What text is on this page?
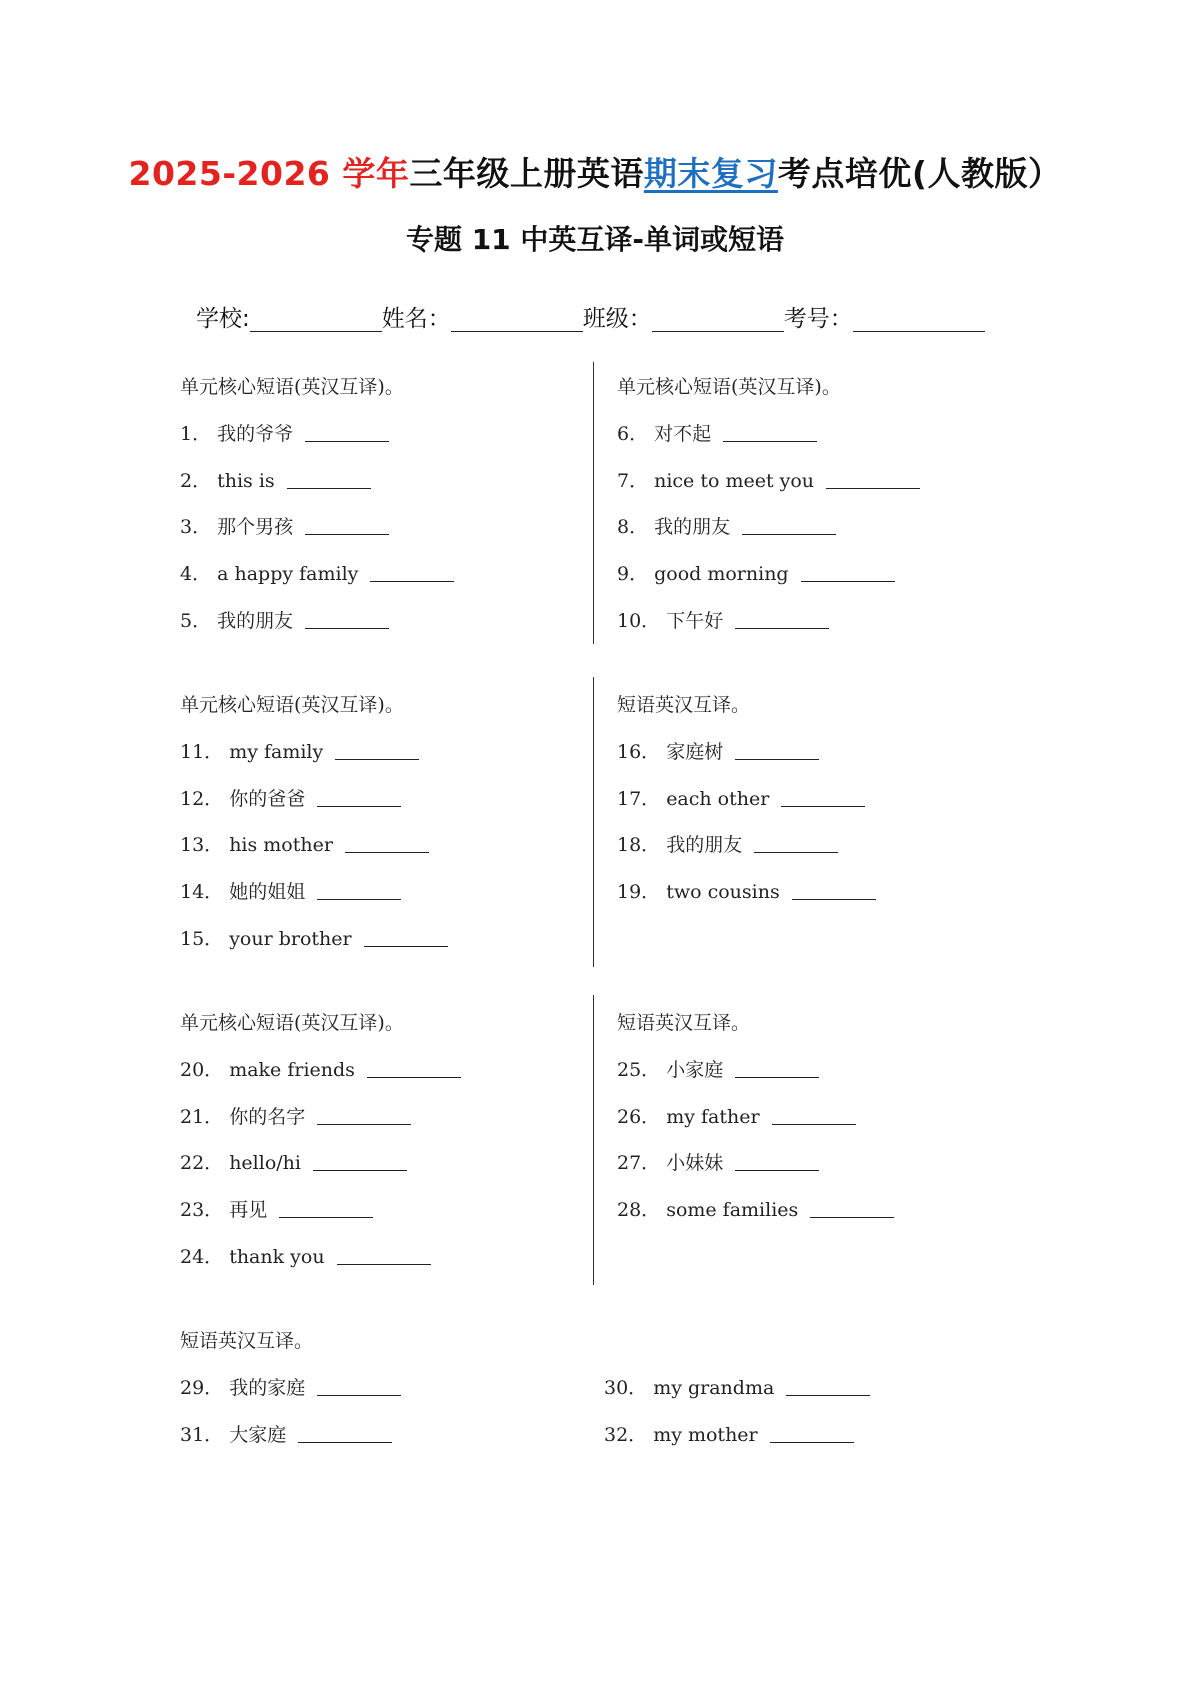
2025-2026 学年三年级上册英语期末复习考点培优(人教版）
专题 11 中英互译-单词或短语
学校:	姓名：	班级：	考号：
单元核心短语(英汉互译)。
1． 我的爷爷
2． this is
3． 那个男孩
4． a happy family
5． 我的朋友
单元核心短语(英汉互译)。
6． 对不起
7． nice to meet you
8． 我的朋友
9． good morning
10． 下午好
单元核心短语(英汉互译)。
11． my family
12． 你的爸爸
13． his mother
14． 她的姐姐
15． your brother
短语英汉互译。
16． 家庭树
17． each other
18． 我的朋友
19． two cousins
单元核心短语(英汉互译)。
20． make friends
21． 你的名字
22． hello/hi
23． 再见
24． thank you
短语英汉互译。
25． 小家庭
26． my father
27． 小妹妹
28． some families
短语英汉互译。
29． 我的家庭
31． 大家庭
30． my grandma
32． my mother
